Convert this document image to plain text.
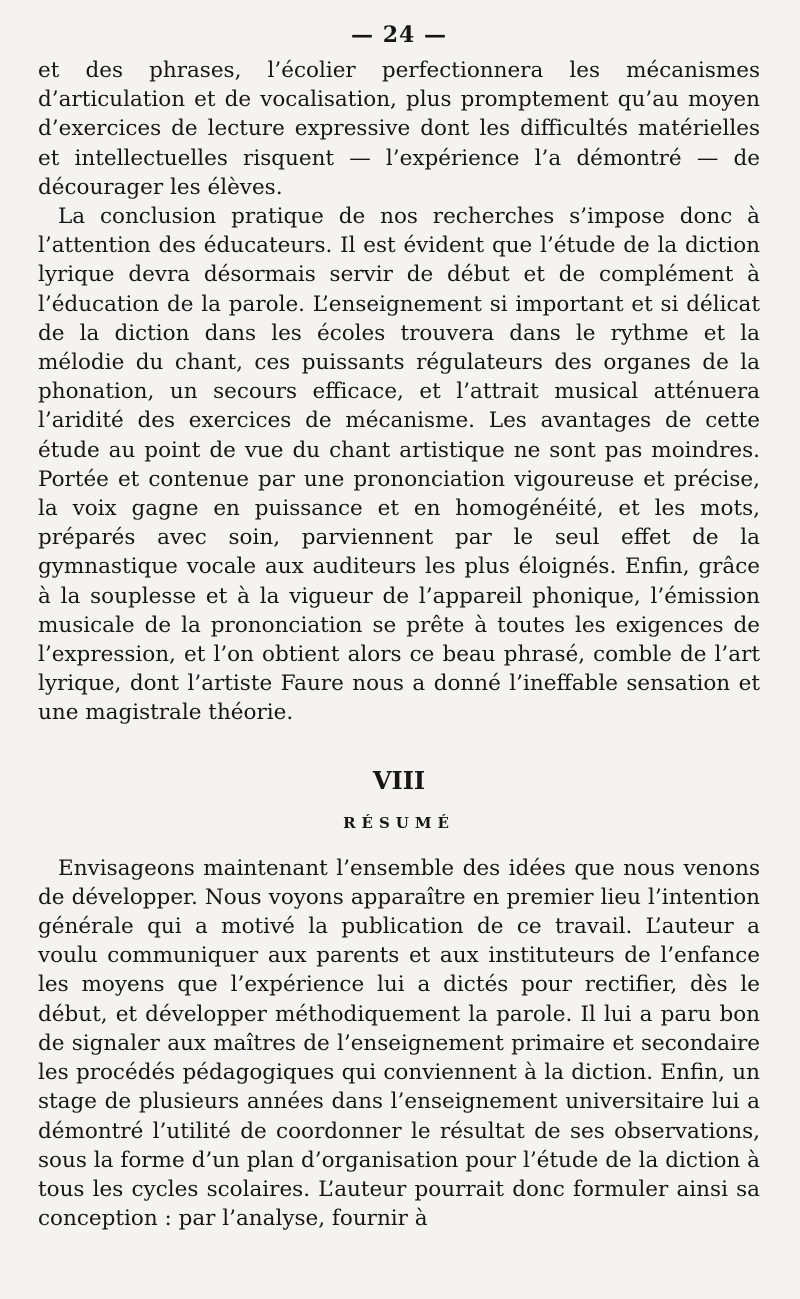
— 24 —

et des phrases, l’écolier perfectionnera les mécanismes d’articulation et de vocalisation, plus promptement qu’au moyen d’exercices de lecture expressive dont les difficultés matérielles et intellectuelles risquent — l’expérience l’a démontré — de décourager les élèves.

La conclusion pratique de nos recherches s’impose donc à l’attention des éducateurs. Il est évident que l’étude de la diction lyrique devra désormais servir de début et de complément à l’éducation de la parole. L’enseignement si important et si délicat de la diction dans les écoles trouvera dans le rythme et la mélodie du chant, ces puissants régulateurs des organes de la phonation, un secours efficace, et l’attrait musical atténuera l’aridité des exercices de mécanisme. Les avantages de cette étude au point de vue du chant artistique ne sont pas moindres. Portée et contenue par une prononciation vigoureuse et précise, la voix gagne en puissance et en homogénéité, et les mots, préparés avec soin, parviennent par le seul effet de la gymnastique vocale aux auditeurs les plus éloignés. Enfin, grâce à la souplesse et à la vigueur de l’appareil phonique, l’émission musicale de la prononciation se prête à toutes les exigences de l’expression, et l’on obtient alors ce beau phrasé, comble de l’art lyrique, dont l’artiste Faure nous a donné l’ineffable sensation et une magistrale théorie.

VIII
RÉSUMÉ

Envisageons maintenant l’ensemble des idées que nous venons de développer. Nous voyons apparaître en premier lieu l’intention générale qui a motivé la publication de ce travail. L’auteur a voulu communiquer aux parents et aux instituteurs de l’enfance les moyens que l’expérience lui a dictés pour rectifier, dès le début, et développer méthodiquement la parole. Il lui a paru bon de signaler aux maîtres de l’enseignement primaire et secondaire les procédés pédagogiques qui conviennent à la diction. Enfin, un stage de plusieurs années dans l’enseignement universitaire lui a démontré l’utilité de coordonner le résultat de ses observations, sous la forme d’un plan d’organisation pour l’étude de la diction à tous les cycles scolaires. L’auteur pourrait donc formuler ainsi sa conception : par l’analyse, fournir à
